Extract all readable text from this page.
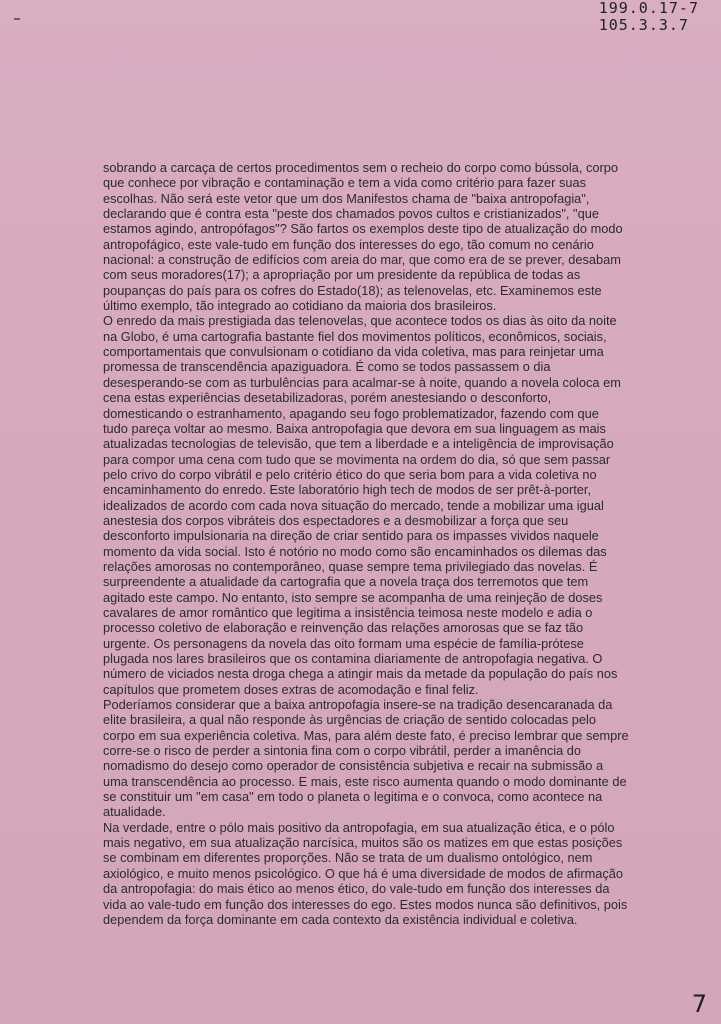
199.0.17-7
105.3.3.7
sobrando a carcaça de certos procedimentos sem o recheio do corpo como bússola, corpo
que conhece por vibração e contaminação e tem a vida como critério para fazer suas
escolhas. Não será este vetor que um dos Manifestos chama de "baixa antropofagia",
declarando que é contra esta "peste dos chamados povos cultos e cristianizados", "que
estamos agindo, antropófagos"? São fartos os exemplos deste tipo de atualização do modo
antropofágico, este vale-tudo em função dos interesses do ego, tão comum no cenário
nacional: a construção de edifícios com areia do mar, que como era de se prever, desabam
com seus moradores(17); a apropriação por um presidente da república de todas as
poupanças do país para os cofres do Estado(18); as telenovelas, etc. Examinemos este
último exemplo, tão integrado ao cotidiano da maioria dos brasileiros.
O enredo da mais prestigiada das telenovelas, que acontece todos os dias às oito da noite
na Globo, é uma cartografia bastante fiel dos movimentos políticos, econômicos, sociais,
comportamentais que convulsionam o cotidiano da vida coletiva, mas para reinjetar uma
promessa de transcendência apaziguadora. É como se todos passassem o dia
desesperando-se com as turbulências para acalmar-se à noite, quando a novela coloca em
cena estas experiências desetabilizadoras, porém anestesiando o desconforto,
domesticando o estranhamento, apagando seu fogo problematizador, fazendo com que
tudo pareça voltar ao mesmo. Baixa antropofagia que devora em sua linguagem as mais
atualizadas tecnologias de televisão, que tem a liberdade e a inteligência de improvisação
para compor uma cena com tudo que se movimenta na ordem do dia, só que sem passar
pelo crivo do corpo vibrátil e pelo critério ético do que seria bom para a vida coletiva no
encaminhamento do enredo. Este laboratório high tech de modos de ser prêt-à-porter,
idealizados de acordo com cada nova situação do mercado, tende a mobilizar uma igual
anestesia dos corpos vibráteis dos espectadores e a desmobilizar a força que seu
desconforto impulsionaria na direção de criar sentido para os impasses vividos naquele
momento da vida social. Isto é notório no modo como são encaminhados os dilemas das
relações amorosas no contemporâneo, quase sempre tema privilegiado das novelas. É
surpreendente a atualidade da cartografia que a novela traça dos terremotos que tem
agitado este campo. No entanto, isto sempre se acompanha de uma reinjeção de doses
cavalares de amor romântico que legitima a insistência teimosa neste modelo e adia o
processo coletivo de elaboração e reinvenção das relações amorosas que se faz tão
urgente. Os personagens da novela das oito formam uma espécie de família-prótese
plugada nos lares brasileiros que os contamina diariamente de antropofagia negativa. O
número de viciados nesta droga chega a atingir mais da metade da população do país nos
capítulos que prometem doses extras de acomodação e final feliz.
Poderíamos considerar que a baixa antropofagia insere-se na tradição desencaranada da
elite brasileira, a qual não responde às urgências de criação de sentido colocadas pelo
corpo em sua experiência coletiva. Mas, para além deste fato, é preciso lembrar que sempre
corre-se o risco de perder a sintonia fina com o corpo vibrátil, perder a imanência do
nomadismo do desejo como operador de consistência subjetiva e recair na submissão a
uma transcendência ao processo. E mais, este risco aumenta quando o modo dominante de
se constituir um "em casa" em todo o planeta o legitima e o convoca, como acontece na
atualidade.
Na verdade, entre o pólo mais positivo da antropofagia, em sua atualização ética, e o pólo
mais negativo, em sua atualização narcísica, muitos são os matizes em que estas posições
se combinam em diferentes proporções. Não se trata de um dualismo ontológico, nem
axiológico, e muito menos psicológico. O que há é uma diversidade de modos de afirmação
da antropofagia: do mais ético ao menos ético, do vale-tudo em função dos interesses da
vida ao vale-tudo em função dos interesses do ego. Estes modos nunca são definitivos, pois
dependem da força dominante em cada contexto da existência individual e coletiva.
7
